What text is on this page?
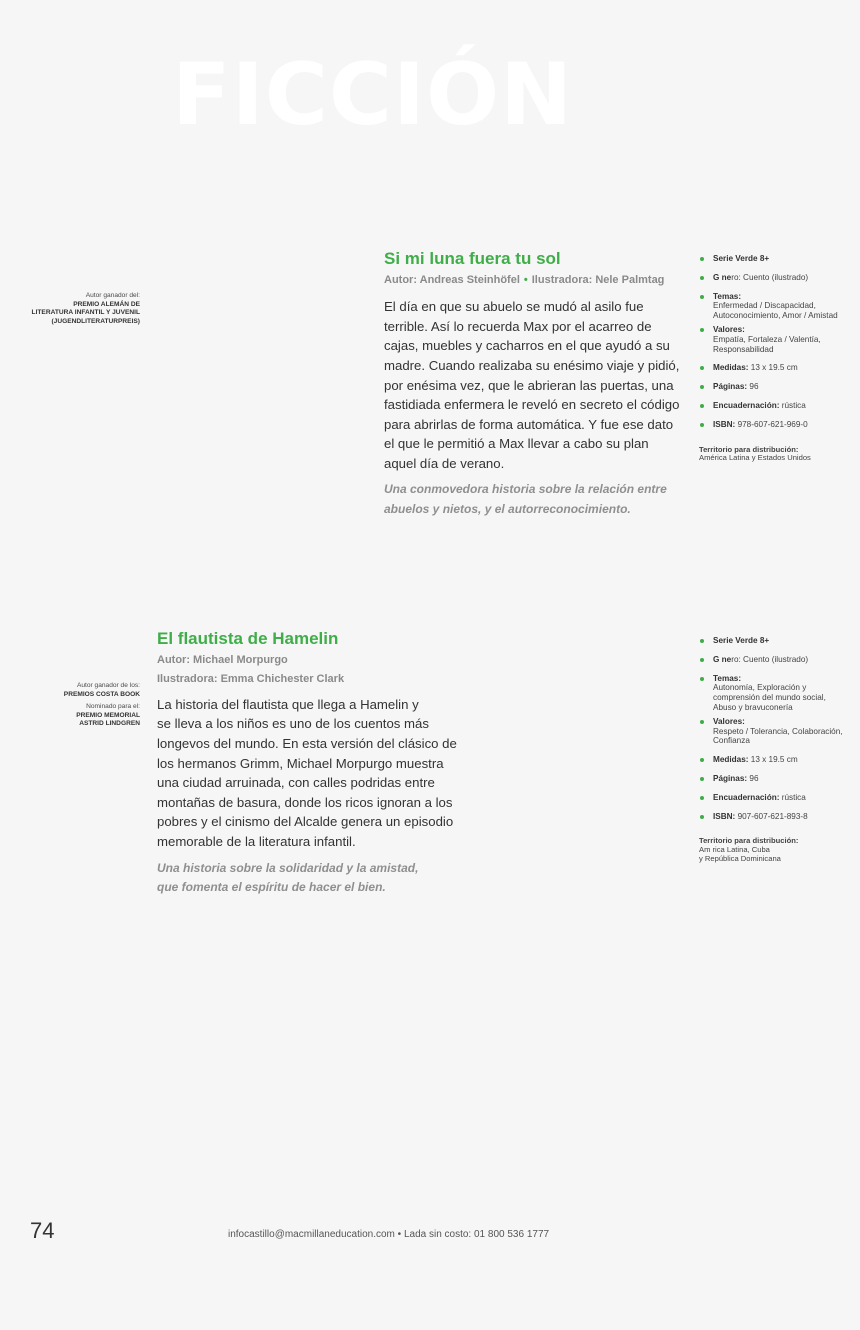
FICCIÓN
Autor ganador del:
PREMIO ALEMÁN DE
LITERATURA INFANTIL Y JUVENIL
(JUGENDLITERATURPREIS)
Si mi luna fuera tu sol
Autor: Andreas Steinhöfel • Ilustradora: Nele Palmtag
El día en que su abuelo se mudó al asilo fue
terrible. Así lo recuerda Max por el acarreo de
cajas, muebles y cacharros en el que ayudó a su
madre. Cuando realizaba su enésimo viaje y pidió,
por enésima vez, que le abrieran las puertas, una
fastidiada enfermera le reveló en secreto el código
para abrirlas de forma automática. Y fue ese dato
el que le permitió a Max llevar a cabo su plan
aquel día de verano.
Una conmovedora historia sobre la relación entre
abuelos y nietos, y el autorreconocimiento.
Serie Verde 8+
G nero: Cuento (ilustrado)
Temas:
Enfermedad / Discapacidad, Autoconocimiento, Amor / Amistad
Valores:
Empatía, Fortaleza / Valentía, Responsabilidad
Medidas: 13 x 19.5 cm
Páginas: 96
Encuadernación: rústica
ISBN: 978-607-621-969-0
Territorio para distribución:
América Latina y Estados Unidos
Autor ganador de los:
PREMIOS COSTA BOOK
Nominado para el:
PREMIO MEMORIAL
ASTRID LINDGREN
El flautista de Hamelin
Autor: Michael Morpurgo
Ilustradora: Emma Chichester Clark
La historia del flautista que llega a Hamelin y
se lleva a los niños es uno de los cuentos más
longevos del mundo. En esta versión del clásico de
los hermanos Grimm, Michael Morpurgo muestra
una ciudad arruinada, con calles podridas entre
montañas de basura, donde los ricos ignoran a los
pobres y el cinismo del Alcalde genera un episodio
memorable de la literatura infantil.
Una historia sobre la solidaridad y la amistad,
que fomenta el espíritu de hacer el bien.
Serie Verde 8+
G nero: Cuento (ilustrado)
Temas:
Autonomía, Exploración y comprensión del mundo social, Abuso y bravuconería
Valores:
Respeto / Tolerancia, Colaboración, Confianza
Medidas: 13 x 19.5 cm
Páginas: 96
Encuadernación: rústica
ISBN: 907-607-621-893-8
Territorio para distribución:
Am rica Latina, Cuba
y República Dominicana
74	infocastillo@macmillaneducation.com • Lada sin costo: 01 800 536 1777
